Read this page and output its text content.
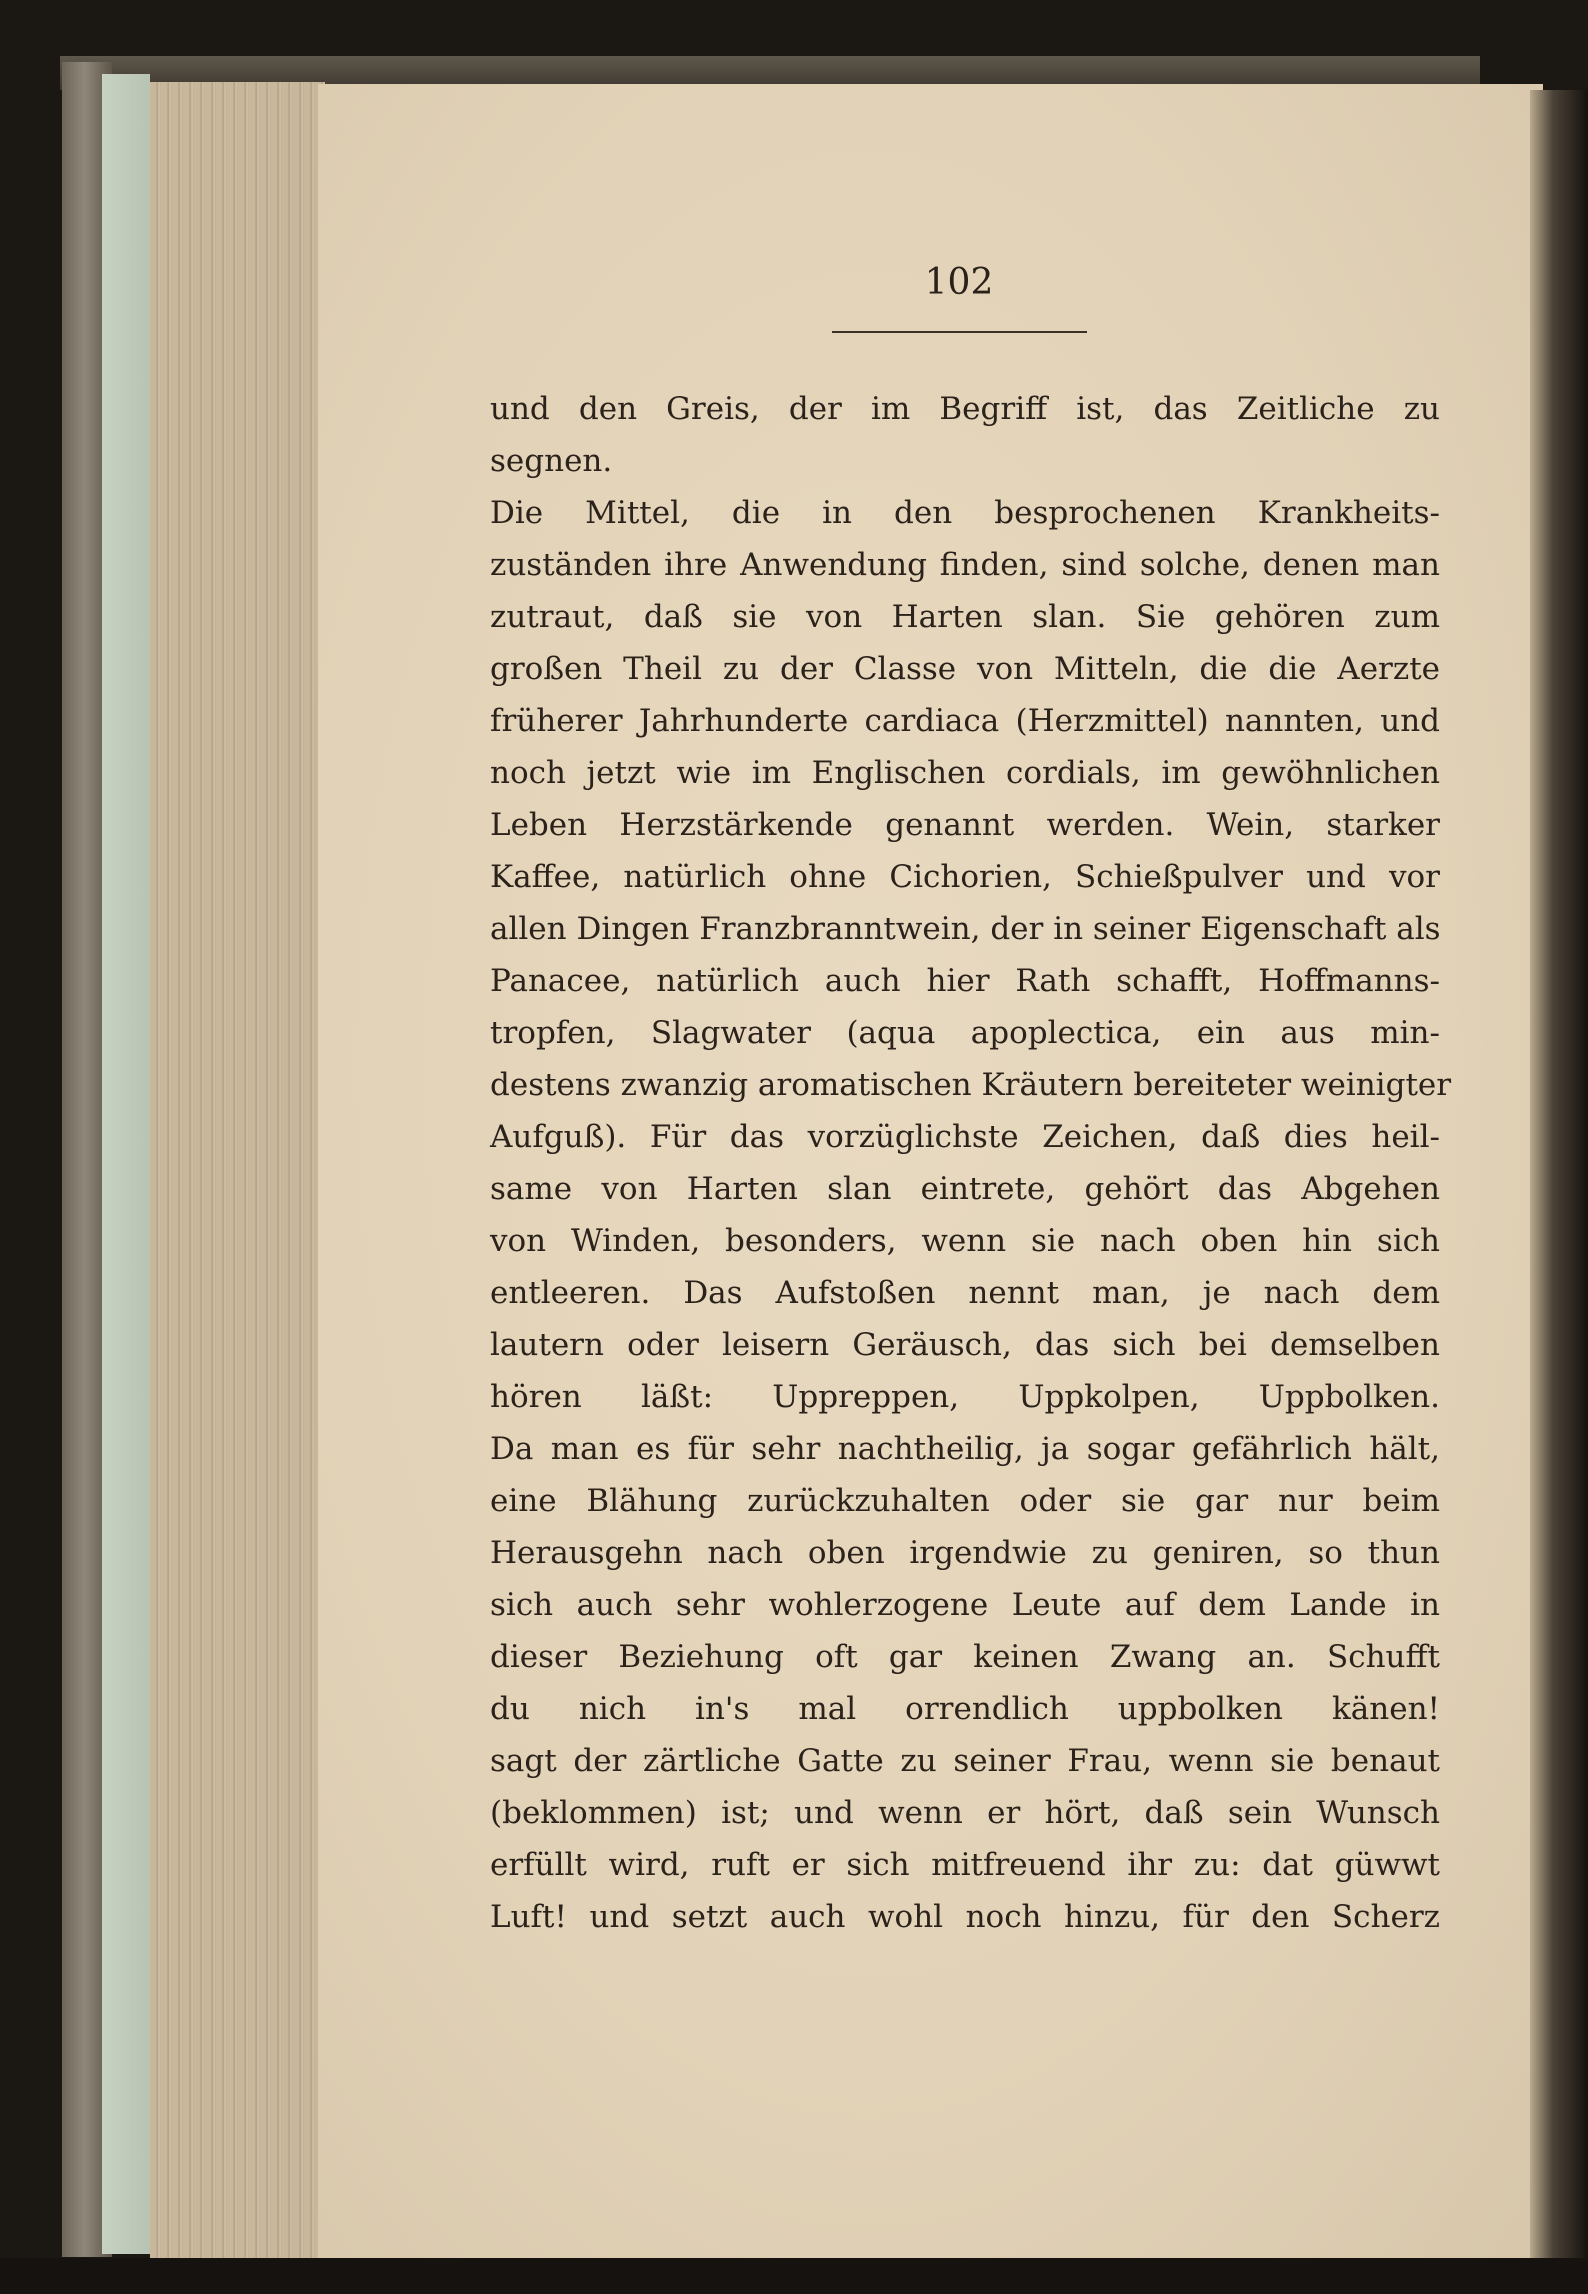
102
und den Greis, der im Begriff ist, das Zeitliche zu
segnen.
Die Mittel, die in den besprochenen Krankheits-
zuständen ihre Anwendung finden, sind solche, denen man
zutraut, daß sie von Harten slan. Sie gehören zum
großen Theil zu der Classe von Mitteln, die die Aerzte
früherer Jahrhunderte cardiaca (Herzmittel) nannten, und
noch jetzt wie im Englischen cordials, im gewöhnlichen
Leben Herzstärkende genannt werden. Wein, starker
Kaffee, natürlich ohne Cichorien, Schießpulver und vor
allen Dingen Franzbranntwein, der in seiner Eigenschaft als
Panacee, natürlich auch hier Rath schafft, Hoffmanns-
tropfen, Slagwater (aqua apoplectica, ein aus min-
destens zwanzig aromatischen Kräutern bereiteter weinigter
Aufguß). Für das vorzüglichste Zeichen, daß dies heil-
same von Harten slan eintrete, gehört das Abgehen
von Winden, besonders, wenn sie nach oben hin sich
entleeren. Das Aufstoßen nennt man, je nach dem
lautern oder leisern Geräusch, das sich bei demselben
hören läßt: Uppreppen, Uppkolpen, Uppbolken.
Da man es für sehr nachtheilig, ja sogar gefährlich hält,
eine Blähung zurückzuhalten oder sie gar nur beim
Herausgehn nach oben irgendwie zu geniren, so thun
sich auch sehr wohlerzogene Leute auf dem Lande in
dieser Beziehung oft gar keinen Zwang an. Schufft
du nich in's mal orrendlich uppbolken känen!
sagt der zärtliche Gatte zu seiner Frau, wenn sie benaut
(beklommen) ist; und wenn er hört, daß sein Wunsch
erfüllt wird, ruft er sich mitfreuend ihr zu: dat güwwt
Luft! und setzt auch wohl noch hinzu, für den Scherz
